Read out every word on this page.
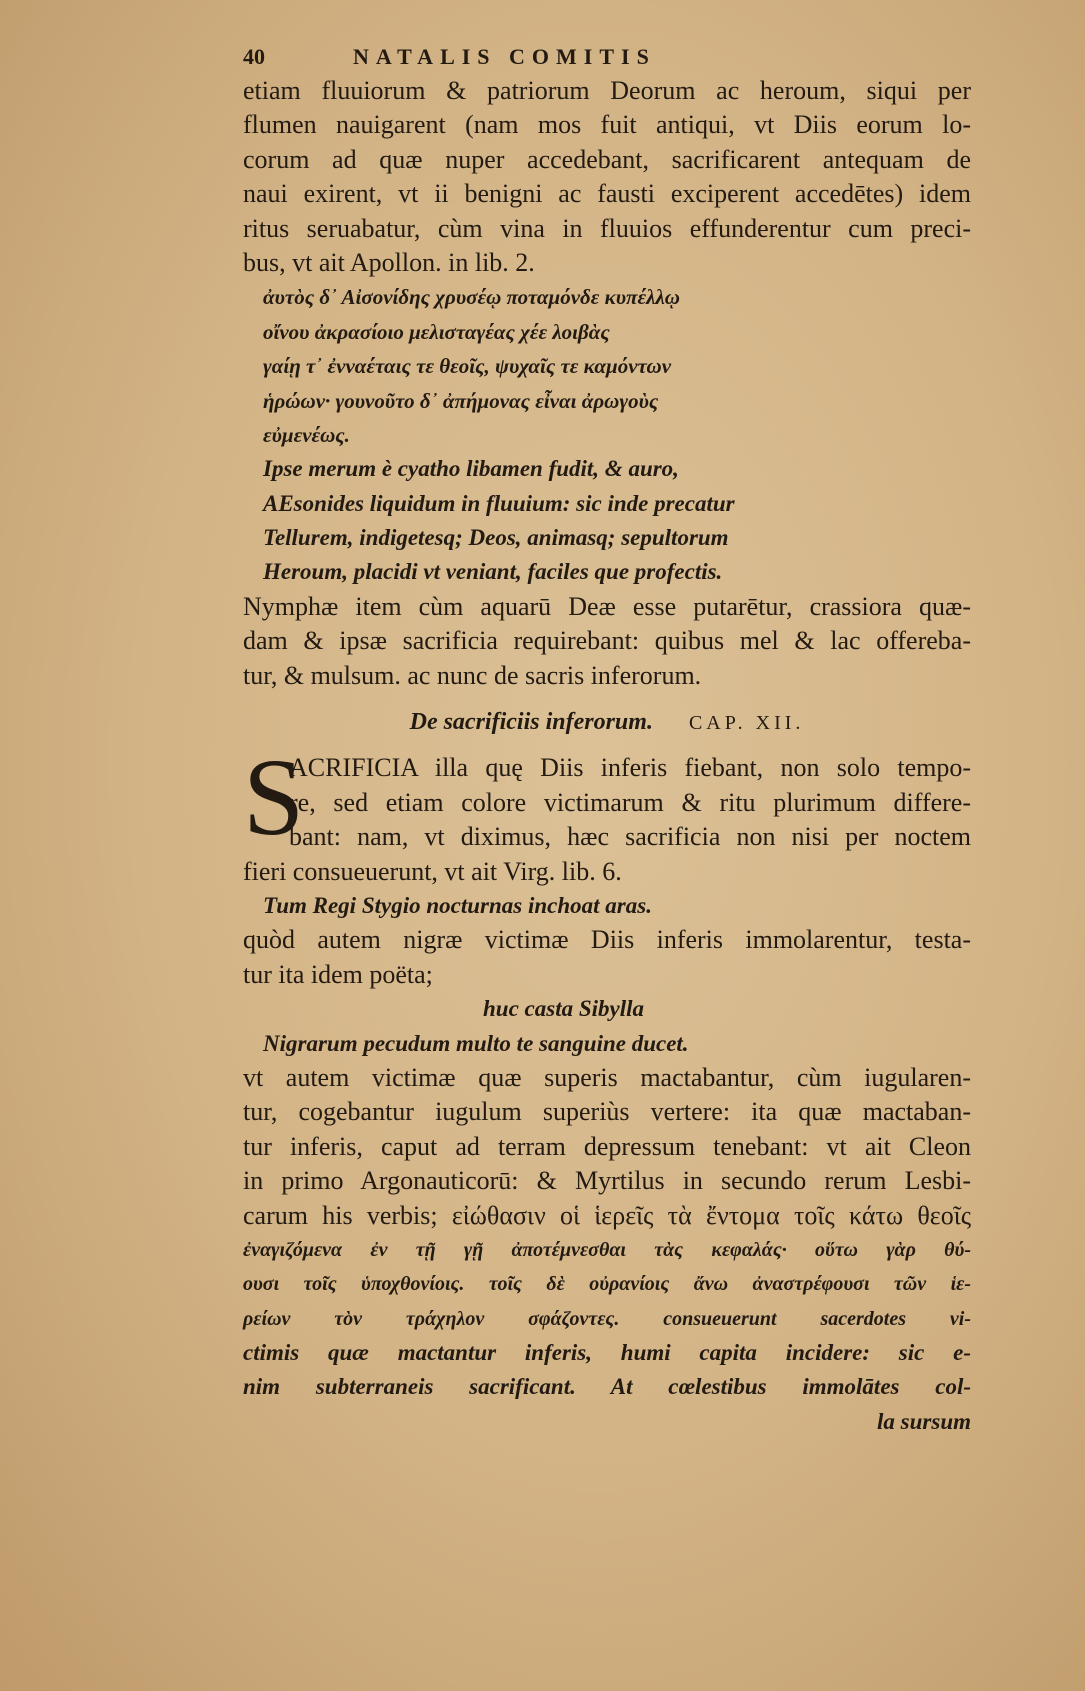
40	NATALIS COMITIS
etiam fluuiorum & patriorum Deorum ac heroum, siqui per
flumen nauigarent (nam mos fuit antiqui, vt Diis eorum lo-
corum ad quæ nuper accedebant, sacrificarent antequam de
naui exirent, vt ii benigni ac fausti exciperent accedētes) idem
ritus seruabatur, cùm vina in fluuios effunderentur cum preci-
bus, vt ait Apollon. in lib. 2.
ἀυτὸς δ᾽ Αἰσονίδης χρυσέῳ ποταμόνδε κυπέλλῳ
οἴνου ἀκρασίοιο μελισταγέας χέε λοιβὰς
γαίῃ τ᾽ ἐνναέταις τε θεοῖς, ψυχαῖς τε καμόντων
ἡρώων· γουνοῦτο δ᾽ ἀπήμονας εἶναι ἀρωγοὺς
εὐμενέως.
Ipse merum è cyatho libamen fudit, & auro,
AEsonides liquidum in fluuium: sic inde precatur
Tellurem, indigetesq; Deos, animasq; sepultorum
Heroum, placidi vt veniant, faciles que profectis.
Nymphæ item cùm aquarū Deæ esse putarētur, crassiora quæ-
dam & ipsæ sacrificia requirebant: quibus mel & lac offereba-
tur, & mulsum. ac nunc de sacris inferorum.
De sacrificiis inferorum. CAP. XII.
S
ACRIFICIA illa quę Diis inferis fiebant, non solo tempo-
re, sed etiam colore victimarum & ritu plurimum differe-
bant: nam, vt diximus, hæc sacrificia non nisi per noctem
fieri consueuerunt, vt ait Virg. lib. 6.
Tum Regi Stygio nocturnas inchoat aras.
quòd autem nigræ victimæ Diis inferis immolarentur, testa-
tur ita idem poëta;
huc casta Sibylla
Nigrarum pecudum multo te sanguine ducet.
vt autem victimæ quæ superis mactabantur, cùm iugularen-
tur, cogebantur iugulum superiùs vertere: ita quæ mactaban-
tur inferis, caput ad terram depressum tenebant: vt ait Cleon
in primo Argonauticorū: & Myrtilus in secundo rerum Lesbi-
carum his verbis; εἰώθασιν οἱ ἱερεῖς τὰ ἔντομα τοῖς κάτω θεοῖς
ἐναγιζόμενα ἐν τῇ γῇ ἀποτέμνεσθαι τὰς κεφαλάς· οὕτω γὰρ θύ-
ουσι τοῖς ὑποχθονίοις. τοῖς δὲ οὐρανίοις ἄνω ἀναστρέφουσι τῶν ἱε-
ρείων τὸν τράχηλον σφάζοντες. consueuerunt sacerdotes vi-
ctimis quæ mactantur inferis, humi capita incidere: sic e-
nim subterraneis sacrificant. At cœlestibus immolātes col-
la sursum
